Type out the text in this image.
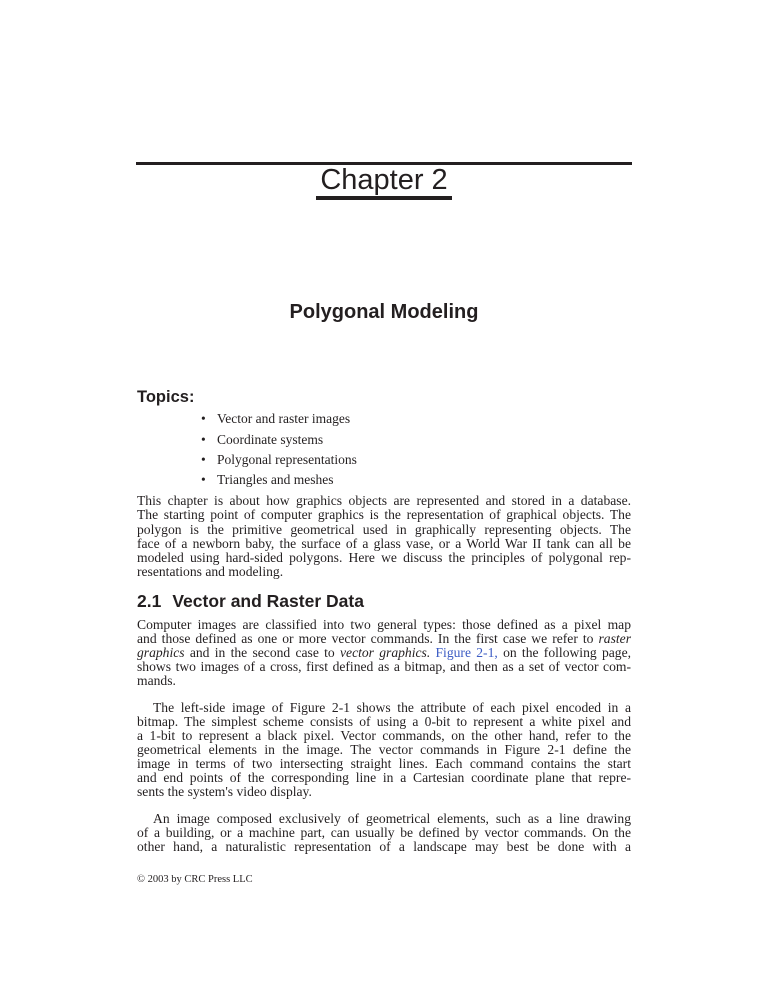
Chapter 2
Polygonal Modeling
Topics:
• Vector and raster images
• Coordinate systems
• Polygonal representations
• Triangles and meshes
This chapter is about how graphics objects are represented and stored in a database.
The starting point of computer graphics is the representation of graphical objects. The
polygon is the primitive geometrical used in graphically representing objects. The
face of a newborn baby, the surface of a glass vase, or a World War II tank can all be
modeled using hard-sided polygons. Here we discuss the principles of polygonal rep-
resentations and modeling.
2.1 Vector and Raster Data
Computer images are classified into two general types: those defined as a pixel map
and those defined as one or more vector commands. In the first case we refer to raster
graphics and in the second case to vector graphics. Figure 2-1, on the following page,
shows two images of a cross, first defined as a bitmap, and then as a set of vector com-
mands.
The left-side image of Figure 2-1 shows the attribute of each pixel encoded in a
bitmap. The simplest scheme consists of using a 0-bit to represent a white pixel and
a 1-bit to represent a black pixel. Vector commands, on the other hand, refer to the
geometrical elements in the image. The vector commands in Figure 2-1 define the
image in terms of two intersecting straight lines. Each command contains the start
and end points of the corresponding line in a Cartesian coordinate plane that repre-
sents the system's video display.
An image composed exclusively of geometrical elements, such as a line drawing
of a building, or a machine part, can usually be defined by vector commands. On the
other hand, a naturalistic representation of a landscape may best be done with a
© 2003 by CRC Press LLC
